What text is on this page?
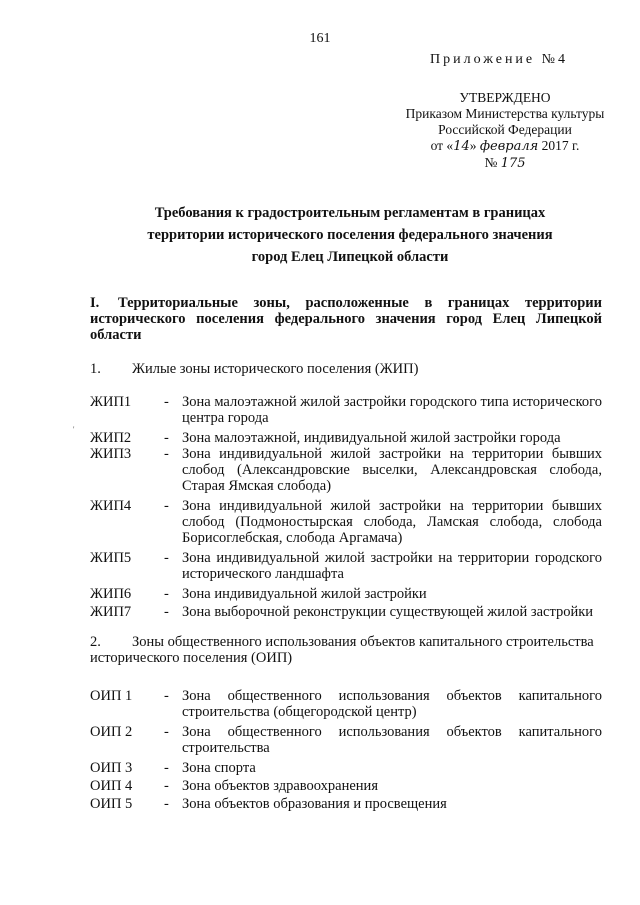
161
Приложение №4
УТВЕРЖДЕНО
Приказом Министерства культуры
Российской Федерации
от «14» февраля 2017 г.
№ 175
Требования к градостроительным регламентам в границах
территории исторического поселения федерального значения
город Елец Липецкой области
I. Территориальные зоны, расположенные в границах территории исторического поселения федерального значения город Елец Липецкой области
1. Жилые зоны исторического поселения (ЖИП)
'
ЖИП1	- Зона малоэтажной жилой застройки городского типа исторического центра города
ЖИП2	- Зона малоэтажной, индивидуальной жилой застройки города
ЖИП3	- Зона индивидуальной жилой застройки на территории бывших слобод (Александровские выселки, Александровская слобода, Старая Ямская слобода)
ЖИП4	- Зона индивидуальной жилой застройки на территории бывших слобод (Подмоностырская слобода, Ламская слобода, слобода Борисоглебская, слобода Аргамача)
ЖИП5	- Зона индивидуальной жилой застройки на территории городского исторического ландшафта
ЖИП6	- Зона индивидуальной жилой застройки
ЖИП7	- Зона выборочной реконструкции существующей жилой застройки
2. Зоны общественного использования объектов капитального строительства исторического поселения (ОИП)
ОИП 1	- Зона общественного использования объектов капитального строительства (общегородской центр)
ОИП 2	- Зона общественного использования объектов капитального строительства
ОИП 3	- Зона спорта
ОИП 4	- Зона объектов здравоохранения
ОИП 5	- Зона объектов образования и просвещения
